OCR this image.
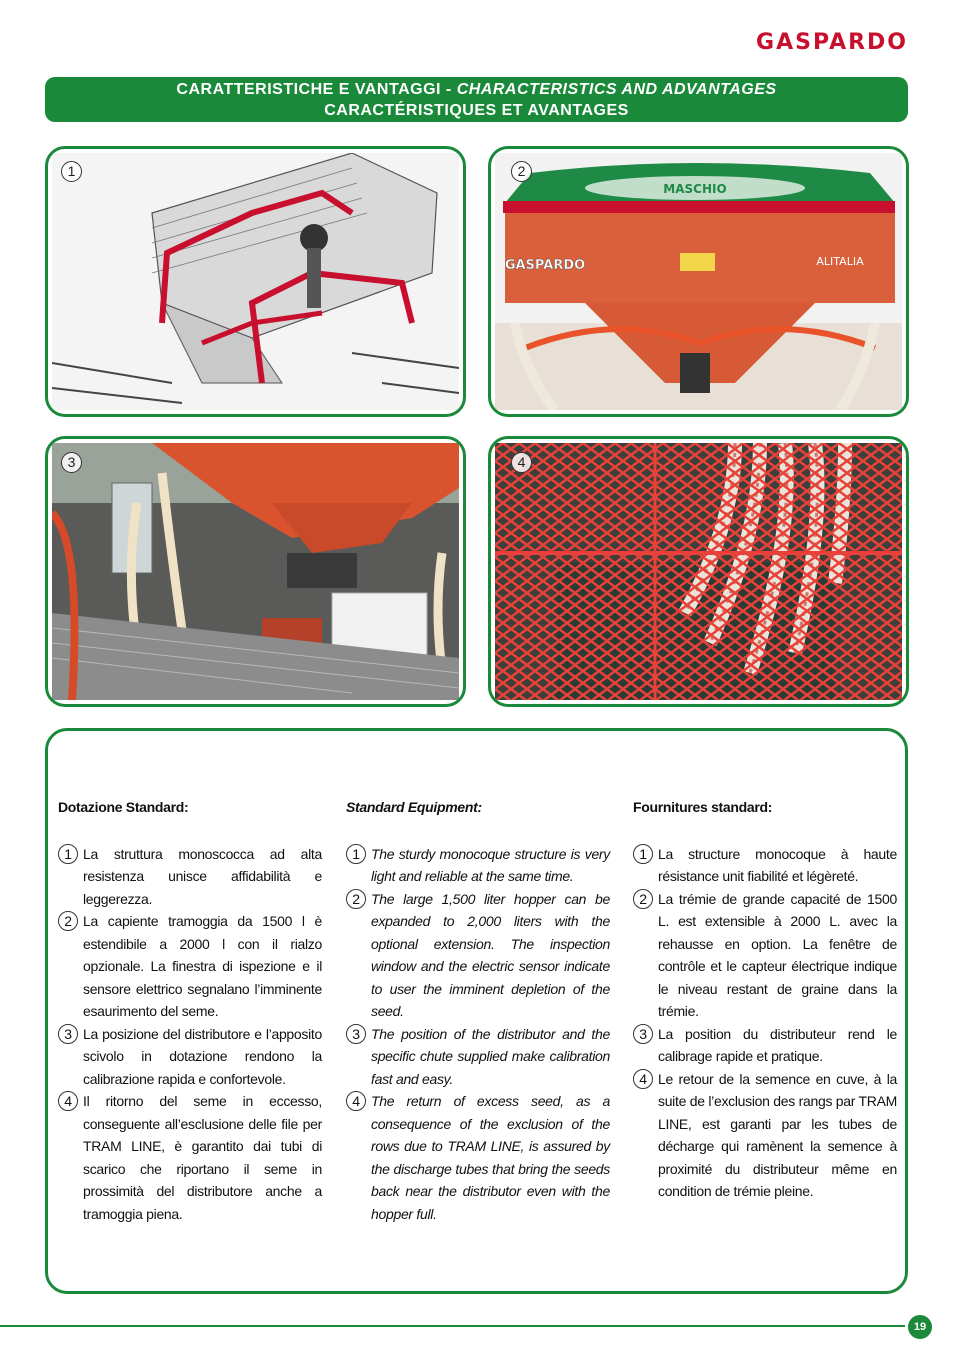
GASPARDO
CARATTERISTICHE E VANTAGGI - CHARACTERISTICS AND ADVANTAGES
CARACTÉRISTIQUES ET AVANTAGES
1	2
MASCHIO
GASPARDO	ALITALIA
3	4
Dotazione Standard:
1 La struttura monoscocca ad alta resistenza unisce affidabilità e leggerezza.
2 La capiente tramoggia da 1500 l è estendibile a 2000 l con il rialzo opzionale. La finestra di ispezione e il sensore elettrico segnalano l’imminente esaurimento del seme.
3 La posizione del distributore e l’apposito scivolo in dotazione rendono la calibrazione rapida e confortevole.
4 Il ritorno del seme in eccesso, conseguente all’esclusione delle file per TRAM LINE, è garantito dai tubi di scarico che riportano il seme in prossimità del distributore anche a tramoggia piena.
Standard Equipment:
1 The sturdy monocoque structure is very light and reliable at the same time.
2 The large 1,500 liter hopper can be expanded to 2,000 liters with the optional extension. The inspection window and the electric sensor indicate to user the imminent depletion of the seed.
3 The position of the distributor and the specific chute supplied make calibration fast and easy.
4 The return of excess seed, as a consequence of the exclusion of the rows due to TRAM LINE, is assured by the discharge tubes that bring the seeds back near the distributor even with the hopper full.
Fournitures standard:
1 La structure monocoque à haute résistance unit fiabilité et légèreté.
2 La trémie de grande capacité de 1500 L. est extensible à 2000 L. avec la rehausse en option. La fenêtre de contrôle et le capteur électrique indique le niveau restant de graine dans la trémie.
3 La position du distributeur rend le calibrage rapide et pratique.
4 Le retour de la semence en cuve, à la suite de l’exclusion des rangs par TRAM LINE, est garanti par les tubes de décharge qui ramènent la semence à proximité du distributeur même en condition de trémie pleine.
19
